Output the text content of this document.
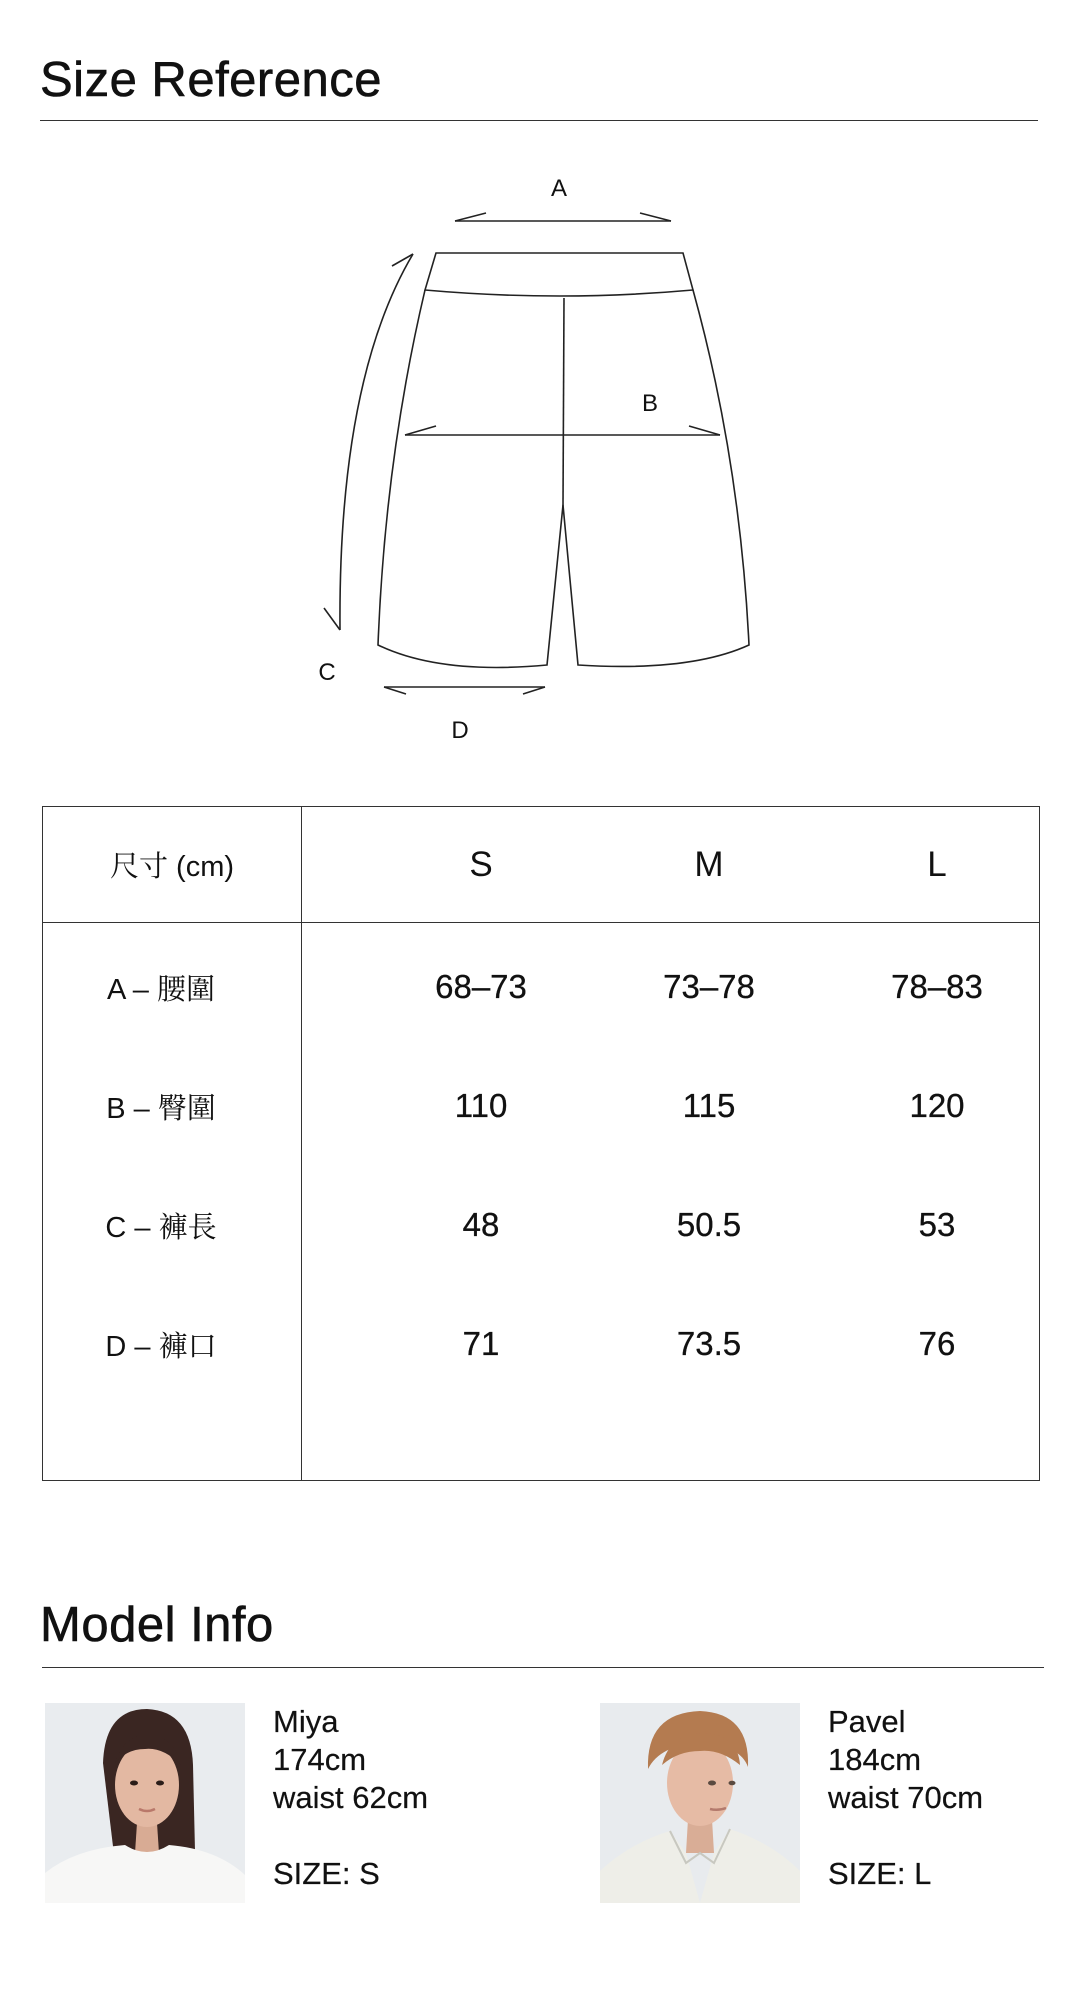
Size Reference
A
B
C
D
尺寸 (cm)	S	M	L
A – 腰圍	68–73	73–78	78–83
B – 臀圍	110	115	120
C – 褲長	48	50.5	53
D – 褲口	71	73.5	76
Model Info
Miya
174cm
waist 62cm
SIZE: S
Pavel
184cm
waist 70cm
SIZE: L
